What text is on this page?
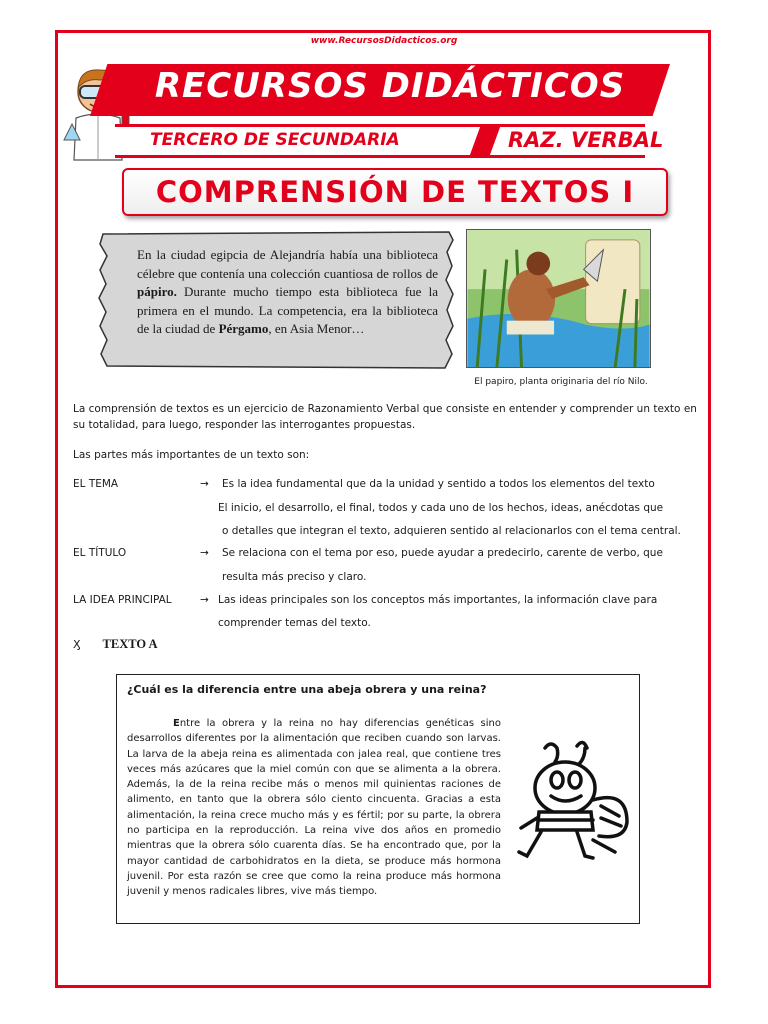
www.RecursosDidacticos.org
RECURSOS DIDÁCTICOS
TERCERO DE SECUNDARIA	RAZ. VERBAL
COMPRENSIÓN DE TEXTOS I
En la ciudad egipcia de Alejandría había una biblioteca célebre que contenía una colección cuantiosa de rollos de pápiro. Durante mucho tiempo esta biblioteca fue la primera en el mundo. La competencia, era la biblioteca de la ciudad de Pérgamo, en Asia Menor…
El papiro, planta originaria del río Nilo.
La comprensión de textos es un ejercicio de Razonamiento Verbal que consiste en entender y comprender un texto en su totalidad, para luego, responder las interrogantes propuestas.
Las partes más importantes de un texto son:
EL TEMA	→ Es la idea fundamental que da la unidad y sentido a todos los elementos del texto
El inicio, el desarrollo, el final, todos y cada uno de los hechos, ideas, anécdotas que
o detalles que integran el texto, adquieren sentido al relacionarlos con el tema central.
EL TÍTULO	→ Se relaciona con el tema por eso, puede ayudar a predecirlo, carente de verbo, que
resulta más preciso y claro.
LA IDEA PRINCIPAL	→ Las ideas principales son los conceptos más importantes, la información clave para
comprender temas del texto.
Ӽ TEXTO A
¿Cuál es la diferencia entre una abeja obrera y una reina?
Entre la obrera y la reina no hay diferencias genéticas sino desarrollos diferentes por la alimentación que reciben cuando son larvas. La larva de la abeja reina es alimentada con jalea real, que contiene tres veces más azúcares que la miel común con que se alimenta a la obrera. Además, la de la reina recibe más o menos mil quinientas raciones de alimento, en tanto que la obrera sólo ciento cincuenta. Gracias a esta alimentación, la reina crece mucho más y es fértil; por su parte, la obrera no participa en la reproducción. La reina vive dos años en promedio mientras que la obrera sólo cuarenta días. Se ha encontrado que, por la mayor cantidad de carbohidratos en la dieta, se produce más hormona juvenil. Por esta razón se cree que como la reina produce más hormona juvenil y menos radicales libres, vive más tiempo.
